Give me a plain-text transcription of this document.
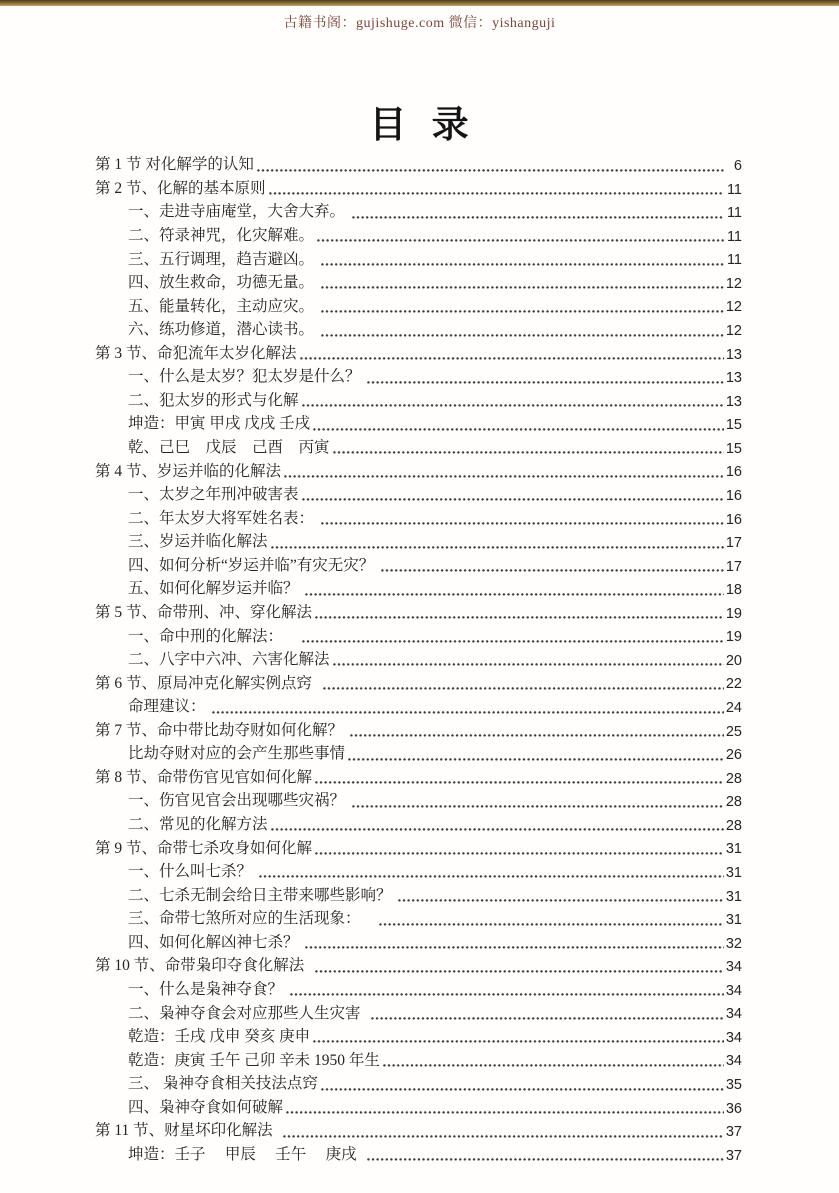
古籍书阁：gujishuge.com 微信：yishanguji
目 录
第 1 节 对化解学的认知	6
第 2 节、化解的基本原则	11
一、走进寺庙庵堂，大舍大弃。	11
二、符录神咒，化灾解难。	11
三、五行调理，趋吉避凶。	11
四、放生救命，功德无量。	12
五、能量转化，主动应灾。	12
六、练功修道，潜心读书。	12
第 3 节、命犯流年太岁化解法	13
一、什么是太岁？犯太岁是什么？	13
二、犯太岁的形式与化解	13
坤造：甲寅 甲戌 戊戌 壬戌	15
乾、己巳　戊辰　己酉　丙寅	15
第 4 节、岁运并临的化解法	16
一、太岁之年刑冲破害表	16
二、年太岁大将军姓名表：	16
三、岁运并临化解法	17
四、如何分析“岁运并临”有灾无灾？	17
五、如何化解岁运并临？	18
第 5 节、命带刑、冲、穿化解法	19
一、命中刑的化解法：	19
二、八字中六冲、六害化解法	20
第 6 节、原局冲克化解实例点窍	22
命理建议：	24
第 7 节、命中带比劫夺财如何化解？	25
比劫夺财对应的会产生那些事情	26
第 8 节、命带伤官见官如何化解	28
一、伤官见官会出现哪些灾祸？	28
二、常见的化解方法	28
第 9 节、命带七杀攻身如何化解	31
一、什么叫七杀？	31
二、七杀无制会给日主带来哪些影响？	31
三、命带七煞所对应的生活现象：	31
四、如何化解凶神七杀？	32
第 10 节、命带枭印夺食化解法	34
一、什么是枭神夺食？	34
二、枭神夺食会对应那些人生灾害	34
乾造：壬戌 戊申 癸亥 庚申	34
乾造：庚寅 壬午 己卯 辛未 1950 年生	34
三、 枭神夺食相关技法点窍	35
四、枭神夺食如何破解	36
第 11 节、财星坏印化解法	37
坤造：壬子　 甲辰　 壬午　 庚戌	37
